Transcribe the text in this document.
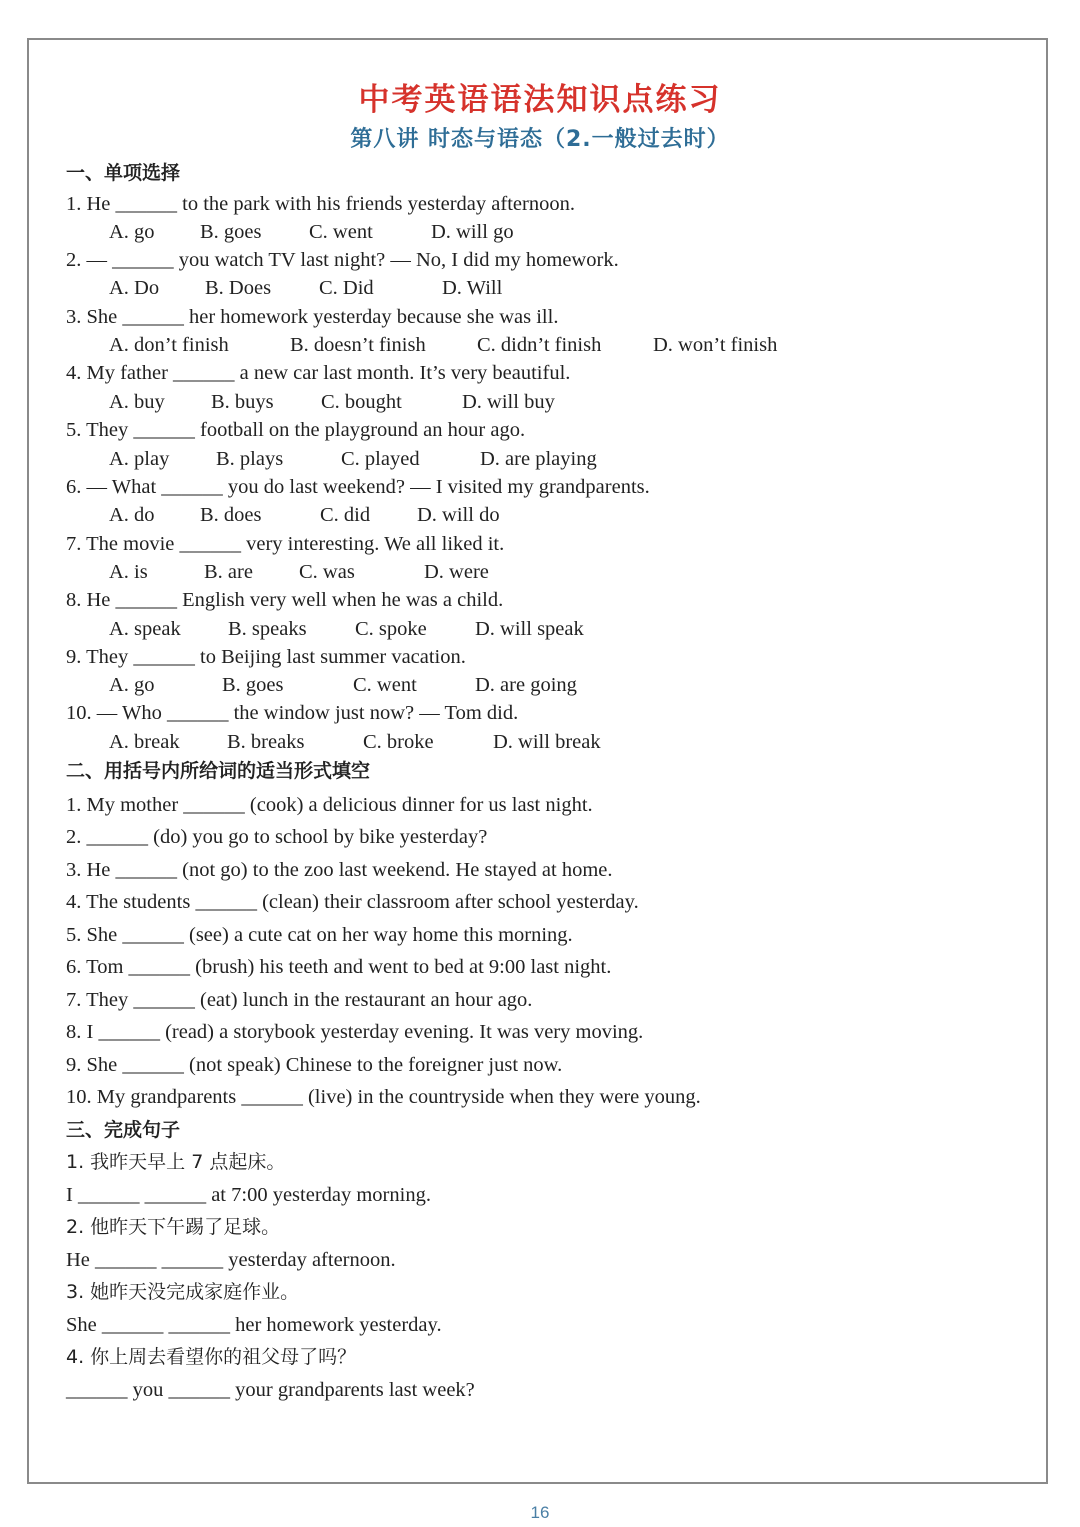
中考英语语法知识点练习
第八讲 时态与语态（2.一般过去时）
一、单项选择
1. He ______ to the park with his friends yesterday afternoon.
A. go B. goes C. went	D. will go
2. — ______ you watch TV last night? — No, I did my homework.
A. Do B. Does C. Did	D. Will
3. She ______ her homework yesterday because she was ill.
A. don’t finish	B. doesn’t finish	C. didn’t finish	D. won’t finish
4. My father ______ a new car last month. It’s very beautiful.
A. buy B. buys C. bought	D. will buy
5. They ______ football on the playground an hour ago.
A. play B. plays	C. played	D. are playing
6. — What ______ you do last weekend? — I visited my grandparents.
A. do B. does	C. did D. will do
7. The movie ______ very interesting. We all liked it.
A. is	B. are C. was	D. were
8. He ______ English very well when he was a child.
A. speak B. speaks C. spoke D. will speak
9. They ______ to Beijing last summer vacation.
A. go	B. goes	C. went	D. are going
10. — Who ______ the window just now? — Tom did.
A. break B. breaks	C. broke	D. will break
二、用括号内所给词的适当形式填空
1. My mother ______ (cook) a delicious dinner for us last night.
2. ______ (do) you go to school by bike yesterday?
3. He ______ (not go) to the zoo last weekend. He stayed at home.
4. The students ______ (clean) their classroom after school yesterday.
5. She ______ (see) a cute cat on her way home this morning.
6. Tom ______ (brush) his teeth and went to bed at 9:00 last night.
7. They ______ (eat) lunch in the restaurant an hour ago.
8. I ______ (read) a storybook yesterday evening. It was very moving.
9. She ______ (not speak) Chinese to the foreigner just now.
10. My grandparents ______ (live) in the countryside when they were young.
三、完成句子
1. 我昨天早上 7 点起床。
I ______ ______ at 7:00 yesterday morning.
2. 他昨天下午踢了足球。
He ______ ______ yesterday afternoon.
3. 她昨天没完成家庭作业。
She ______ ______ her homework yesterday.
4. 你上周去看望你的祖父母了吗？
______ you ______ your grandparents last week?
16
